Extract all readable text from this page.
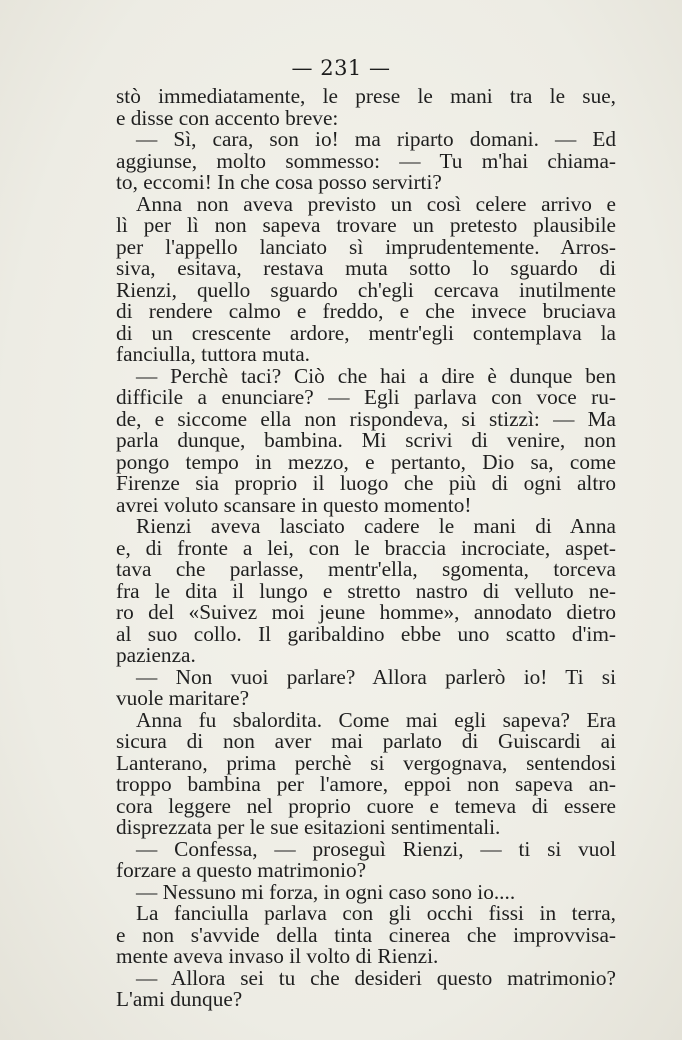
— 231 —
stò immediatamente, le prese le mani tra le sue,
e disse con accento breve:
— Sì, cara, son io! ma riparto domani. — Ed
aggiunse, molto sommesso: — Tu m'hai chiama-
to, eccomi! In che cosa posso servirti?
Anna non aveva previsto un così celere arrivo e
lì per lì non sapeva trovare un pretesto plausibile
per l'appello lanciato sì imprudentemente. Arros-
siva, esitava, restava muta sotto lo sguardo di
Rienzi, quello sguardo ch'egli cercava inutilmente
di rendere calmo e freddo, e che invece bruciava
di un crescente ardore, mentr'egli contemplava la
fanciulla, tuttora muta.
— Perchè taci? Ciò che hai a dire è dunque ben
difficile a enunciare? — Egli parlava con voce ru-
de, e siccome ella non rispondeva, si stizzì: — Ma
parla dunque, bambina. Mi scrivi di venire, non
pongo tempo in mezzo, e pertanto, Dio sa, come
Firenze sia proprio il luogo che più di ogni altro
avrei voluto scansare in questo momento!
Rienzi aveva lasciato cadere le mani di Anna
e, di fronte a lei, con le braccia incrociate, aspet-
tava che parlasse, mentr'ella, sgomenta, torceva
fra le dita il lungo e stretto nastro di velluto ne-
ro del «Suivez moi jeune homme», annodato dietro
al suo collo. Il garibaldino ebbe uno scatto d'im-
pazienza.
— Non vuoi parlare? Allora parlerò io! Ti si
vuole maritare?
Anna fu sbalordita. Come mai egli sapeva? Era
sicura di non aver mai parlato di Guiscardi ai
Lanterano, prima perchè si vergognava, sentendosi
troppo bambina per l'amore, eppoi non sapeva an-
cora leggere nel proprio cuore e temeva di essere
disprezzata per le sue esitazioni sentimentali.
— Confessa, — proseguì Rienzi, — ti si vuol
forzare a questo matrimonio?
— Nessuno mi forza, in ogni caso sono io....
La fanciulla parlava con gli occhi fissi in terra,
e non s'avvide della tinta cinerea che improvvisa-
mente aveva invaso il volto di Rienzi.
— Allora sei tu che desideri questo matrimonio?
L'ami dunque?
